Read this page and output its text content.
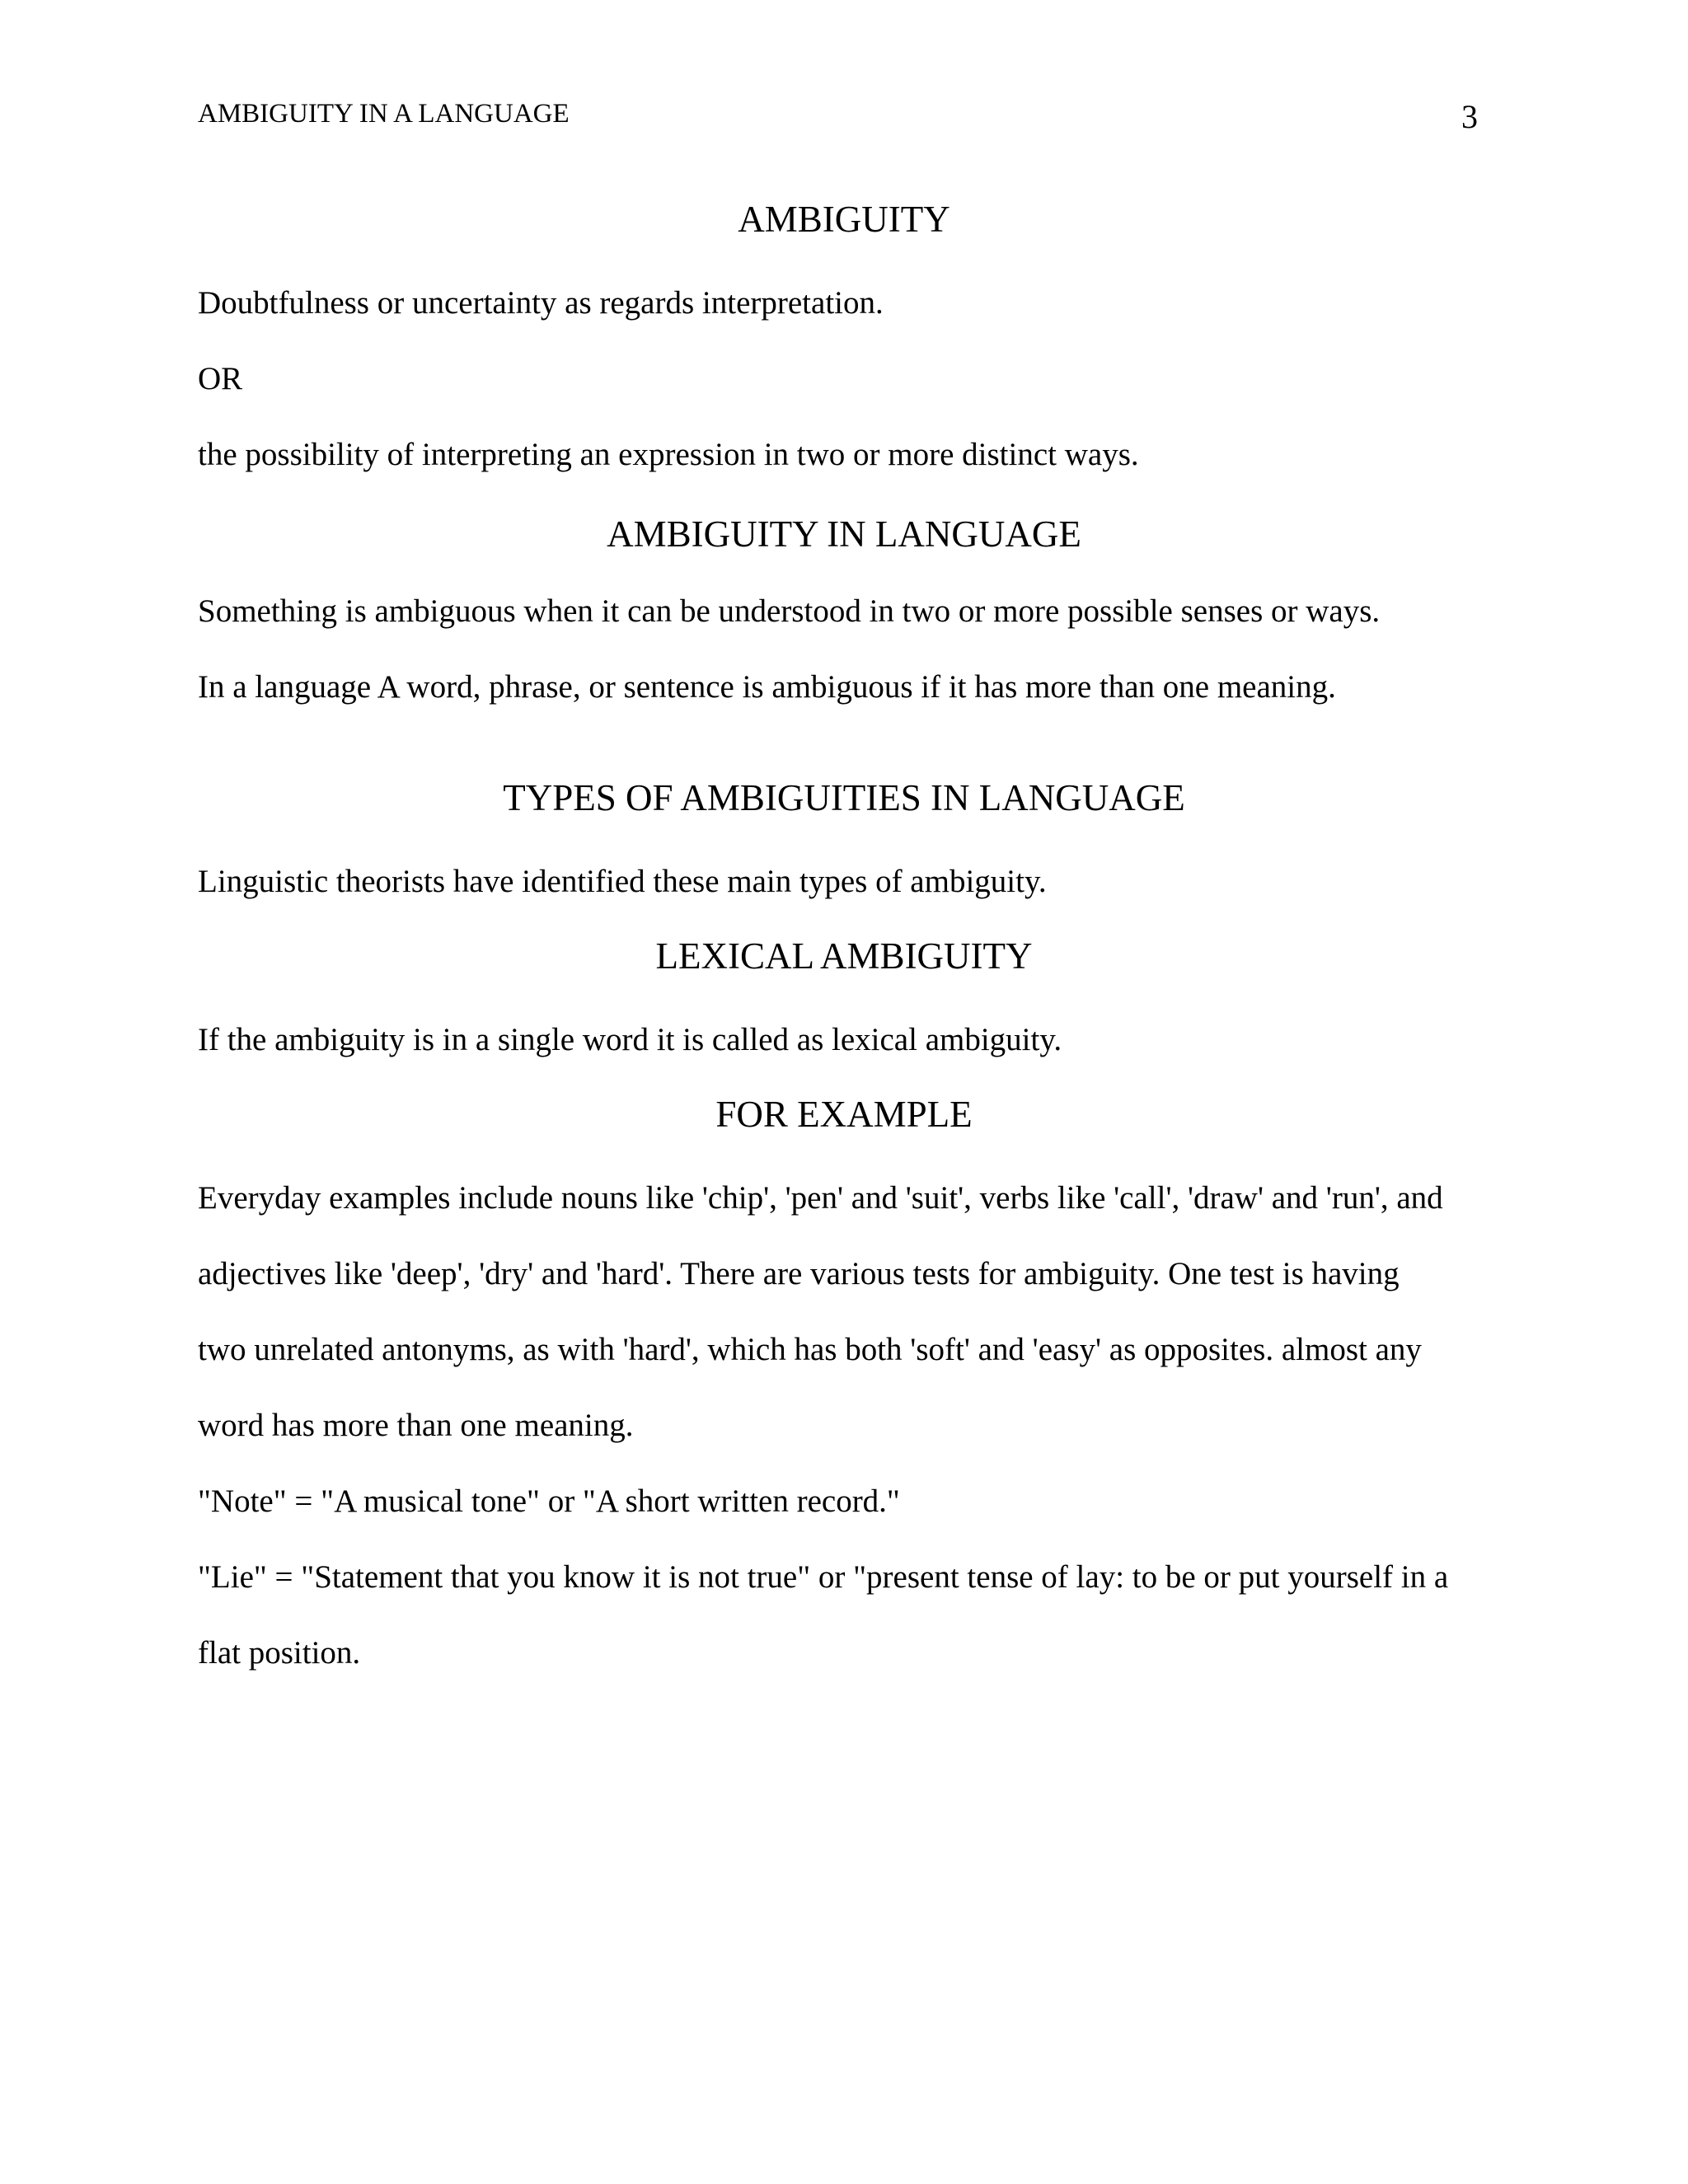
AMBIGUITY IN A LANGUAGE	3
AMBIGUITY
Doubtfulness or uncertainty as regards interpretation.
OR
the possibility of interpreting an expression in two or more distinct ways.
AMBIGUITY IN LANGUAGE
Something is ambiguous when it can be understood in two or more possible senses or ways.
In a language A word, phrase, or sentence is ambiguous if it has more than one meaning.
TYPES OF AMBIGUITIES IN LANGUAGE
Linguistic theorists have identified these main types of ambiguity.
LEXICAL AMBIGUITY
If the ambiguity is in a single word it is called as lexical ambiguity.
FOR EXAMPLE
Everyday examples include nouns like 'chip', 'pen' and 'suit', verbs like 'call', 'draw' and 'run', and
adjectives like 'deep', 'dry' and 'hard'. There are various tests for ambiguity. One test is having
two unrelated antonyms, as with 'hard', which has both 'soft' and 'easy' as opposites. almost any
word has more than one meaning.
"Note" = "A musical tone" or "A short written record."
"Lie" = "Statement that you know it is not true" or "present tense of lay: to be or put yourself in a
flat position.
